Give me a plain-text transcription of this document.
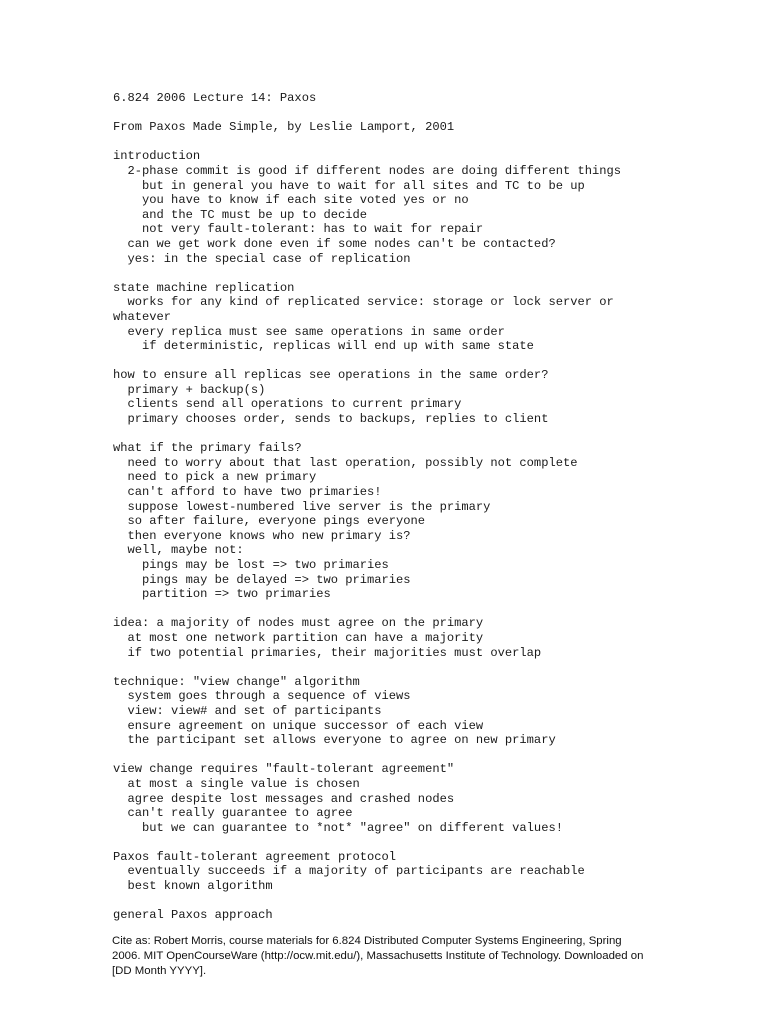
6.824 2006 Lecture 14: Paxos
From Paxos Made Simple, by Leslie Lamport, 2001
introduction
2-phase commit is good if different nodes are doing different things
but in general you have to wait for all sites and TC to be up
you have to know if each site voted yes or no
and the TC must be up to decide
not very fault-tolerant: has to wait for repair
can we get work done even if some nodes can't be contacted?
yes: in the special case of replication
state machine replication
works for any kind of replicated service: storage or lock server or
whatever
every replica must see same operations in same order
if deterministic, replicas will end up with same state
how to ensure all replicas see operations in the same order?
primary + backup(s)
clients send all operations to current primary
primary chooses order, sends to backups, replies to client
what if the primary fails?
need to worry about that last operation, possibly not complete
need to pick a new primary
can't afford to have two primaries!
suppose lowest-numbered live server is the primary
so after failure, everyone pings everyone
then everyone knows who new primary is?
well, maybe not:
pings may be lost => two primaries
pings may be delayed => two primaries
partition => two primaries
idea: a majority of nodes must agree on the primary
at most one network partition can have a majority
if two potential primaries, their majorities must overlap
technique: "view change" algorithm
system goes through a sequence of views
view: view# and set of participants
ensure agreement on unique successor of each view
the participant set allows everyone to agree on new primary
view change requires "fault-tolerant agreement"
at most a single value is chosen
agree despite lost messages and crashed nodes
can't really guarantee to agree
but we can guarantee to *not* "agree" on different values!
Paxos fault-tolerant agreement protocol
eventually succeeds if a majority of participants are reachable
best known algorithm
general Paxos approach

Cite as: Robert Morris, course materials for 6.824 Distributed Computer Systems Engineering, Spring 2006. MIT OpenCourseWare (http://ocw.mit.edu/), Massachusetts Institute of Technology. Downloaded on [DD Month YYYY].
